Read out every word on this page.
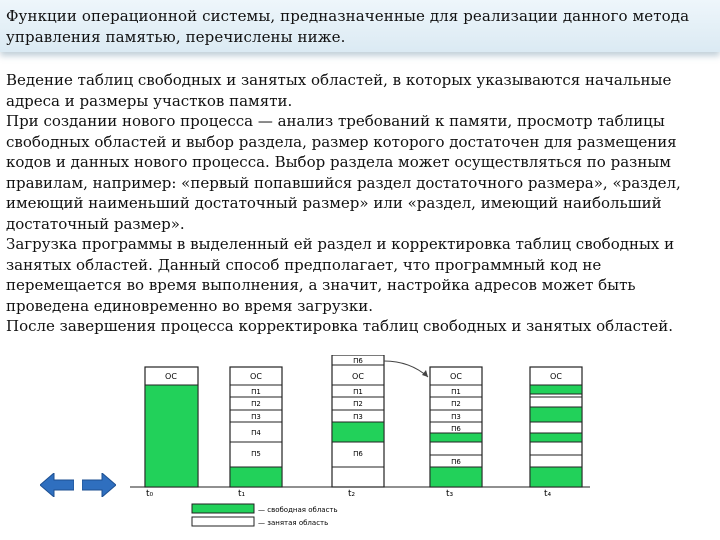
Функции операционной системы, предназначенные для реализации данного метода управления памятью, перечислены ниже.

Ведение таблиц свободных и занятых областей, в которых указываются начальные адреса и размеры участков памяти.

При создании нового процесса — анализ требований к памяти, просмотр таблицы свободных областей и выбор раздела, размер которого достаточен для размещения кодов и данных нового процесса. Выбор раздела может осуществляться по разным правилам, например: «первый попавшийся раздел достаточного размера», «раздел, имеющий наименьший достаточный размер» или «раздел, имеющий наибольший достаточный размер».

Загрузка программы в выделенный ей раздел и корректировка таблиц свободных и занятых областей. Данный способ предполагает, что программный код не перемещается во время выполнения, а значит, настройка адресов может быть проведена единовременно во время загрузки.

После завершения процесса корректировка таблиц свободных и занятых областей.

ОС
t₀
ОС
П1
П2
П3
П4
П5
t₁
П6
ОС
П1
П2
П3
П6
t₂
ОС
П1
П2
П3
П6
П6
t₃
ОС
t₄
— свободная область
— занятая область
